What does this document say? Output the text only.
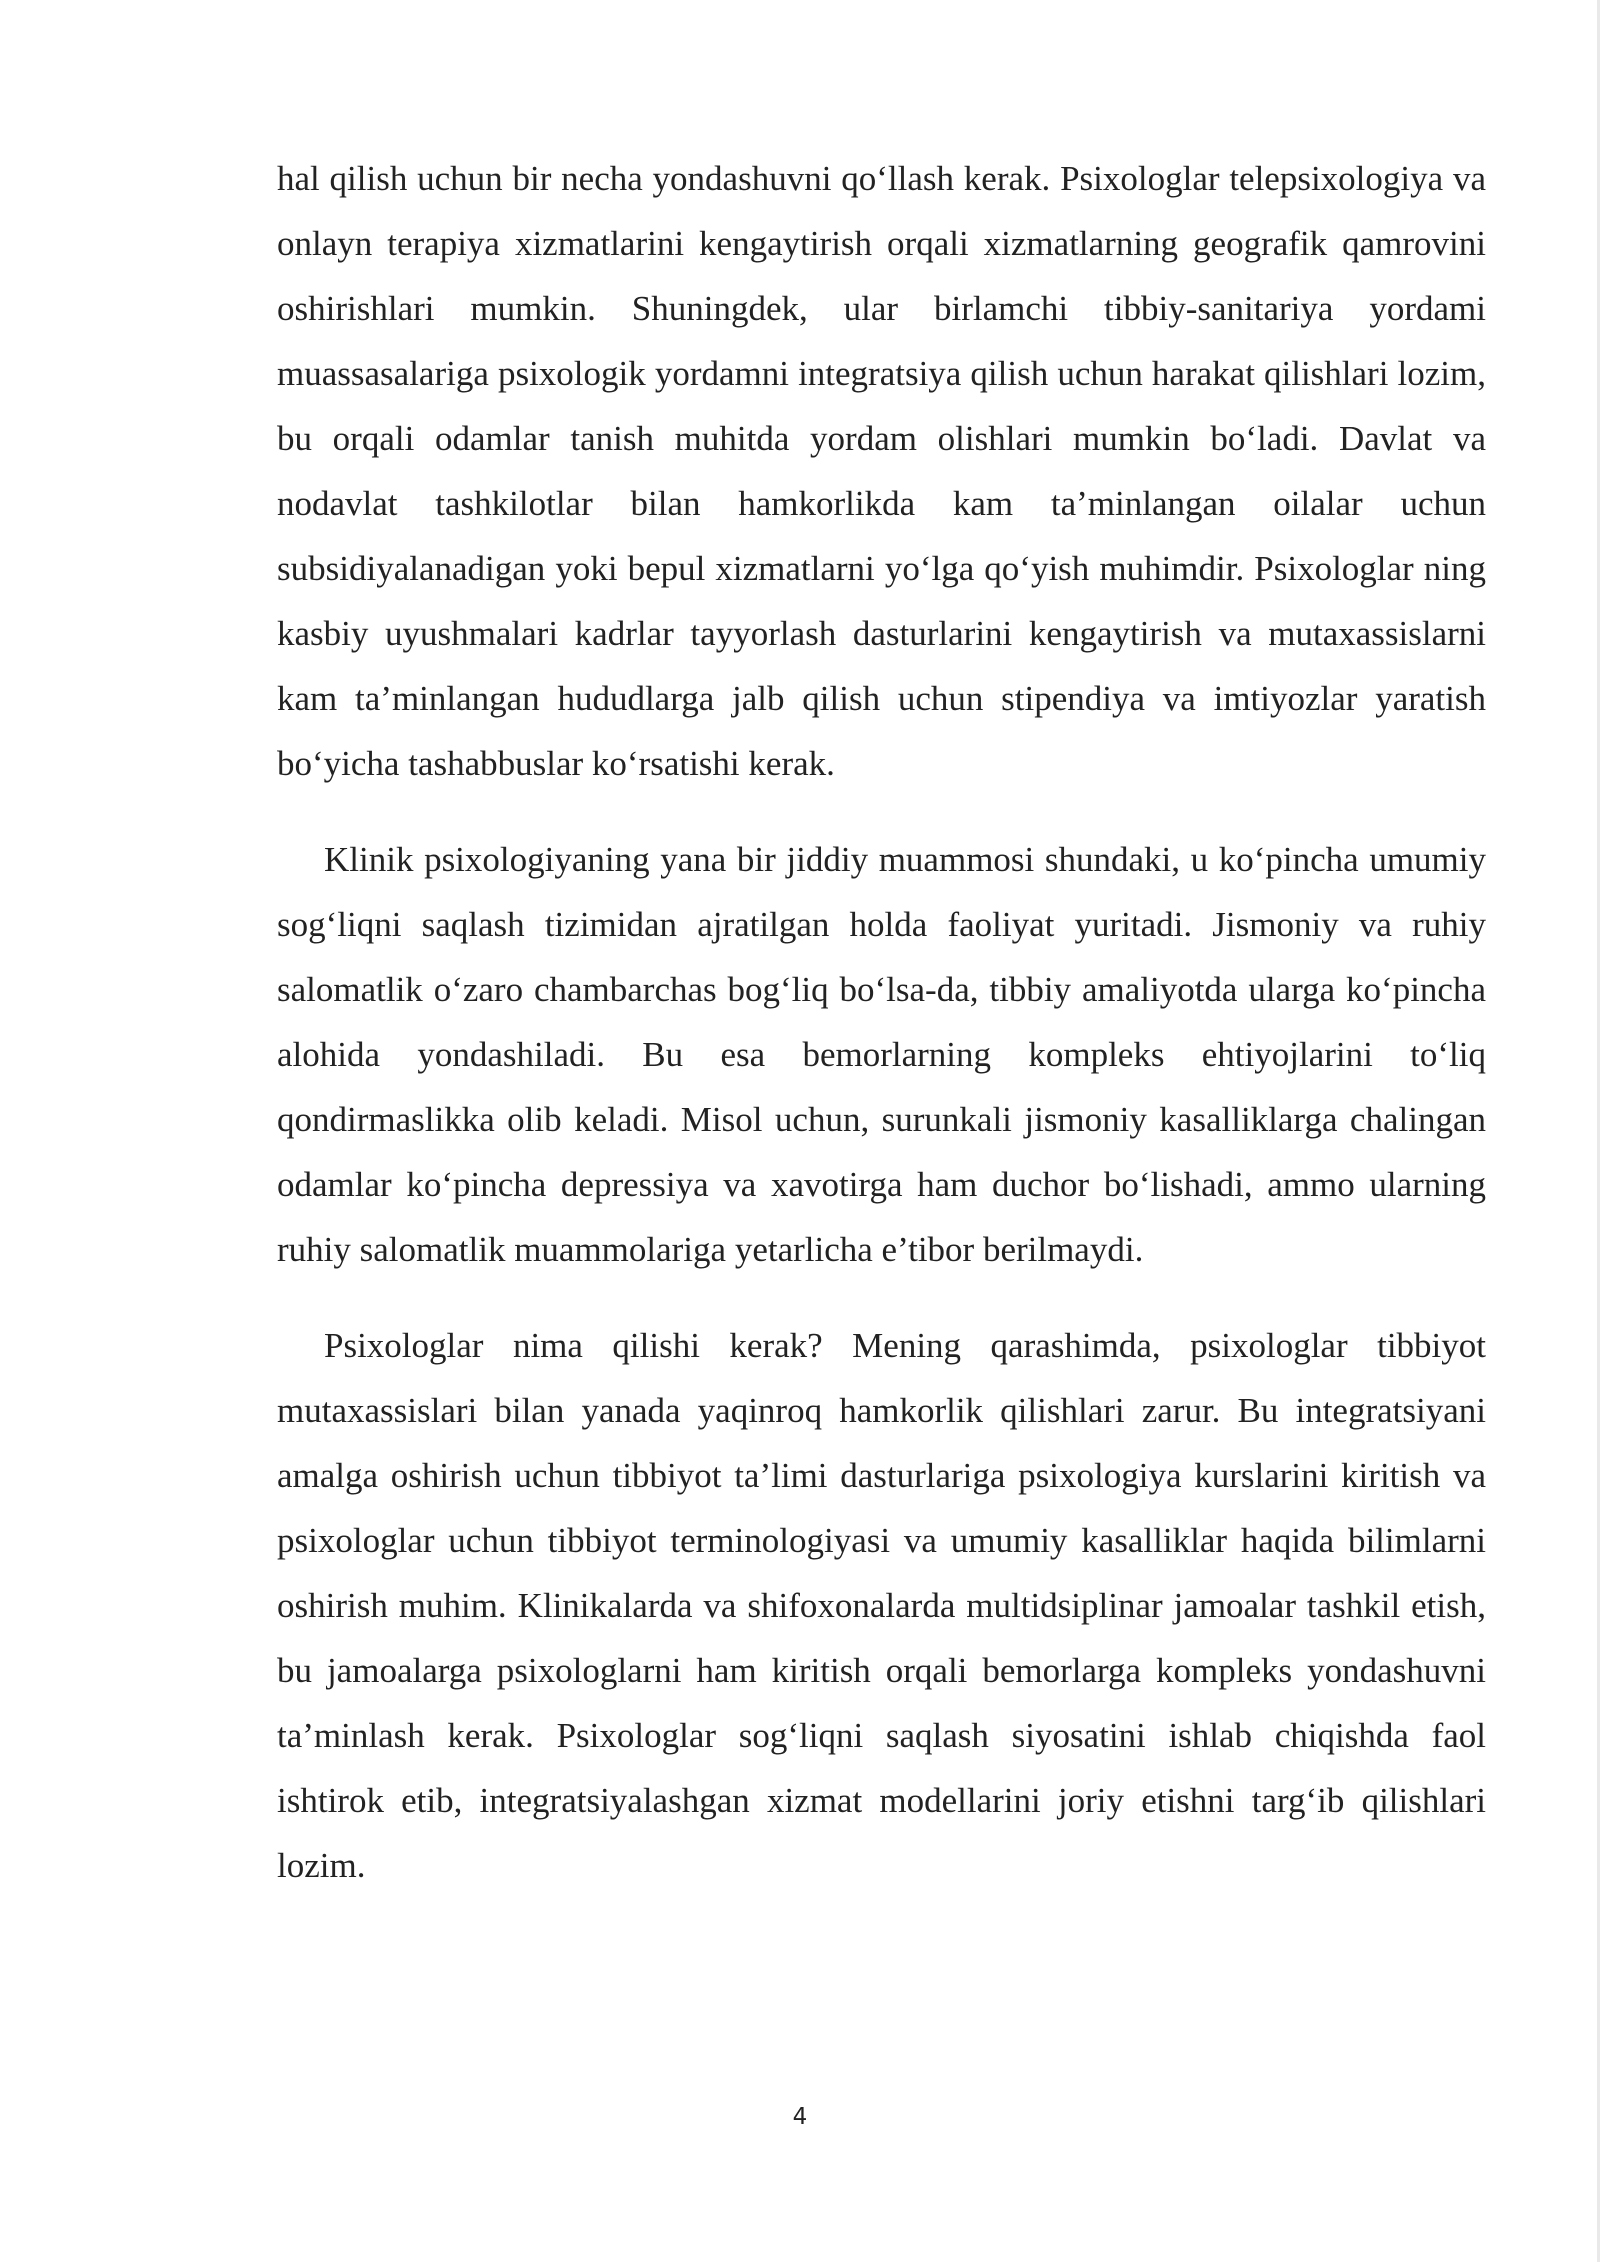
hal qilish uchun bir necha yondashuvni qo‘llash kerak. Psixologlar telepsixologiya va onlayn terapiya xizmatlarini kengaytirish orqali xizmatlarning geografik qamrovini oshirishlari mumkin. Shuningdek, ular birlamchi tibbiy-sanitariya yordami muassasalariga psixologik yordamni integratsiya qilish uchun harakat qilishlari lozim, bu orqali odamlar tanish muhitda yordam olishlari mumkin bo‘ladi. Davlat va nodavlat tashkilotlar bilan hamkorlikda kam ta’minlangan oilalar uchun subsidiyalanadigan yoki bepul xizmatlarni yo‘lga qo‘yish muhimdir. Psixologlar ning kasbiy uyushmalari kadrlar tayyorlash dasturlarini kengaytirish va mutaxassislarni kam ta’minlangan hududlarga jalb qilish uchun stipendiya va imtiyozlar yaratish bo‘yicha tashabbuslar ko‘rsatishi kerak.

Klinik psixologiyaning yana bir jiddiy muammosi shundaki, u ko‘pincha umumiy sog‘liqni saqlash tizimidan ajratilgan holda faoliyat yuritadi. Jismoniy va ruhiy salomatlik o‘zaro chambarchas bog‘liq bo‘lsa-da, tibbiy amaliyotda ularga ko‘pincha alohida yondashiladi. Bu esa bemorlarning kompleks ehtiyojlarini to‘liq qondirmaslikka olib keladi. Misol uchun, surunkali jismoniy kasalliklarga chalingan odamlar ko‘pincha depressiya va xavotirga ham duchor bo‘lishadi, ammo ularning ruhiy salomatlik muammolariga yetarlicha e’tibor berilmaydi.

Psixologlar nima qilishi kerak? Mening qarashimda, psixologlar tibbiyot mutaxassislari bilan yanada yaqinroq hamkorlik qilishlari zarur. Bu integratsiyani amalga oshirish uchun tibbiyot ta’limi dasturlariga psixologiya kurslarini kiritish va psixologlar uchun tibbiyot terminologiyasi va umumiy kasalliklar haqida bilimlarni oshirish muhim. Klinikalarda va shifoxonalarda multidsiplinar jamoalar tashkil etish, bu jamoalarga psixologlarni ham kiritish orqali bemorlarga kompleks yondashuvni ta’minlash kerak. Psixologlar sog‘liqni saqlash siyosatini ishlab chiqishda faol ishtirok etib, integratsiyalashgan xizmat modellarini joriy etishni targ‘ib qilishlari lozim.

4
